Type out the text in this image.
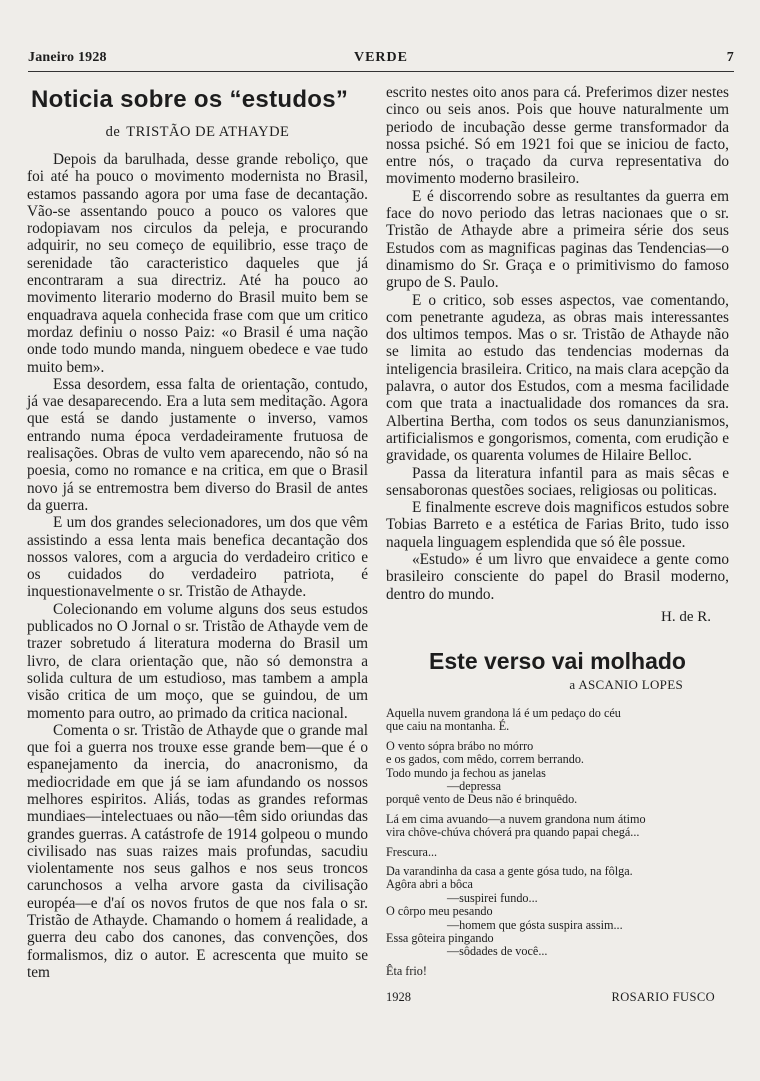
VERDE
Janeiro 1928	7
Noticia sobre os “estudos”
de TRISTÃO DE ATHAYDE

Depois da barulhada, desse grande reboliço, que foi até ha pouco o movimento modernista no Brasil, estamos passando agora por uma fase de decantação. Vão-se assentando pouco a pouco os valores que rodopiavam nos circulos da peleja, e procurando adquirir, no seu começo de equilibrio, esse traço de serenidade tão caracteristico daqueles que já encontraram a sua directriz. Até ha pouco ao movimento literario moderno do Brasil muito bem se enquadrava aquela conhecida frase com que um critico mordaz definiu o nosso Paiz: «o Brasil é uma nação onde todo mundo manda, ninguem obedece e vae tudo muito bem».

Essa desordem, essa falta de orientação, contudo, já vae desaparecendo. Era a luta sem meditação. Agora que está se dando justamente o inverso, vamos entrando numa época verdadeiramente frutuosa de realisações. Obras de vulto vem aparecendo, não só na poesia, como no romance e na critica, em que o Brasil novo já se entremostra bem diverso do Brasil de antes da guerra.

E um dos grandes selecionadores, um dos que vêm assistindo a essa lenta mais benefica decantação dos nossos valores, com a arguciа do verdadeiro critico e os cuidados do verdadeiro patriota, é inquestionavelmente o sr. Tristão de Athayde.

Colecionando em volume alguns dos seus estudos publicados no O Jornal o sr. Tristão de Athayde vem de trazer sobretudo á literatura moderna do Brasil um livro, de clara orientação que, não só demonstra a solida cultura de um estudioso, mas tambem a ampla visão critica de um moço, que se guindou, de um momento para outro, ao primado da critica nacional.

Comenta o sr. Tristão de Athayde que o grande mal que foi a guerra nos trouxe esse grande bem—que é o espanejamento da inercia, do anacronismo, da mediocridade em que já se iam afundando os nossos melhores espiritos. Aliás, todas as grandes reformas mundiaes—intelectuaes ou não—têm sido oriundas das grandes guerras. A catástrofe de 1914 golpeou o mundo civilisado nas suas raizes mais profundas, sacudiu violentamente nos seus galhos e nos seus troncos carunchosos a velha arvore gasta da civilisação européa—e d'aí os novos frutos de que nos fala o sr. Tristão de Athayde. Chamando o homem á realidade, a guerra deu cabo dos canones, das convenções, dos formalismos, diz o autor. E acrescenta que muito se tem

escrito nestes oito anos para cá. Preferimos dizer nestes cinco ou seis anos. Pois que houve naturalmente um periodo de incubação desse germe transformador da nossa psiché. Só em 1921 foi que se iniciou de facto, entre nós, o traçado da curva representativa do movimento moderno brasileiro.

E é discorrendo sobre as resultantes da guerra em face do novo periodo das letras nacionaes que o sr. Tristão de Athayde abre a primeira série dos seus Estudos com as magnificas paginas das Tendencias—o dinamismo do Sr. Graça e o primitivismo do famoso grupo de S. Paulo.

E o critico, sob esses aspectos, vae comentando, com penetrante agudeza, as obras mais interessantes dos ultimos tempos. Mas o sr. Tristão de Athayde não se limita ao estudo das tendencias modernas da inteligencia brasileira. Critico, na mais clara acepção da palavra, o autor dos Estudos, com a mesma facilidade com que trata a inactualidade dos romances da sra. Albertina Bertha, com todos os seus danunzianismos, artificialismos e gongorismos, comenta, com erudição e gravidade, os quarenta volumes de Hilaire Belloc.

Passa da literatura infantil para as mais sêcas e sensaboronas questões sociaes, religiosas ou politicas.

E finalmente escreve dois magnificos estudos sobre Tobias Barreto e a estética de Farias Brito, tudo isso naquela linguagem esplendida que só êle possue.

«Estudo» é um livro que envaidece a gente como brasileiro consciente do papel do Brasil moderno, dentro do mundo.

H. de R.
Este verso vai molhado
a ASCANIO LOPES
Aquella nuvem grandona lá é um pedaço do céu
que caiu na montanha. É.
O vento sópra brábo no mórro
e os gados, com mêdo, correm berrando.
Todo mundo ja fechou as janelas
—depressa
porquê vento de Deus não é brinquêdo.
Lá em cima avuando—a nuvem grandona num átimo
vira chôve-chúva chóverá pra quando papai chegá...
Frescura...
Da varandinha da casa a gente gósa tudo, na fôlga.
Agôra abri a bôca
—suspirei fundo...
O côrpo meu pesando
—homem que gósta suspira assim...
Essa gôteira pingando
—sôdades de você...
Êta frio!
1928	ROSARIO FUSCO
